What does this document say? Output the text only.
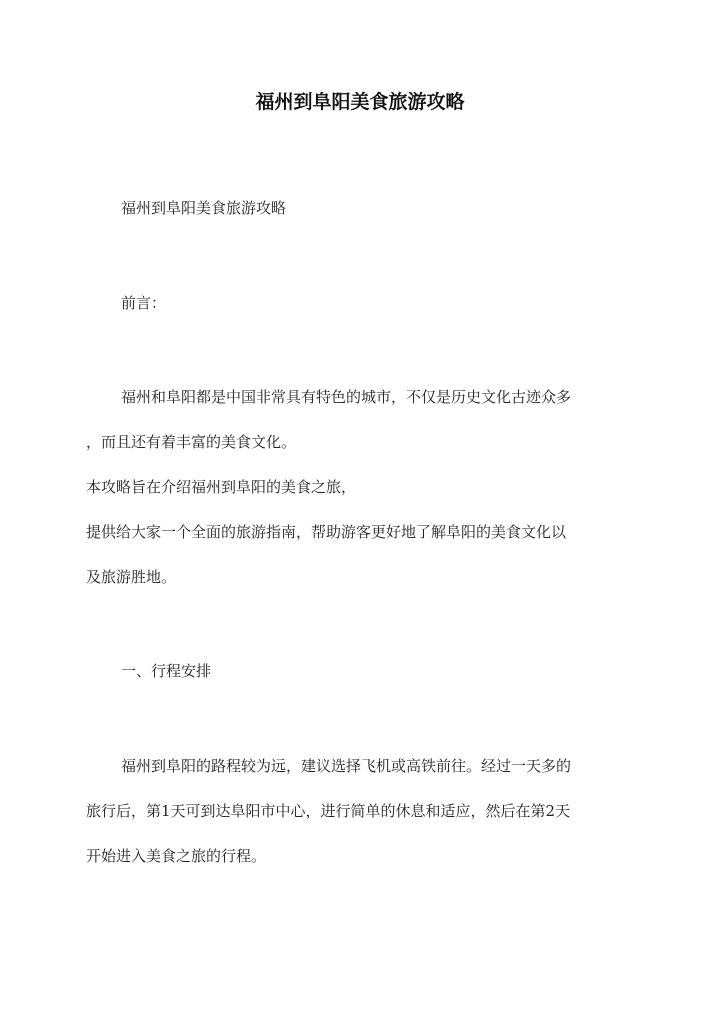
福州到阜阳美食旅游攻略
福州到阜阳美食旅游攻略
前言：
福州和阜阳都是中国非常具有特色的城市，不仅是历史文化古迹众多
，而且还有着丰富的美食文化。
本攻略旨在介绍福州到阜阳的美食之旅，
提供给大家一个全面的旅游指南，帮助游客更好地了解阜阳的美食文化以
及旅游胜地。
一、行程安排
福州到阜阳的路程较为远，建议选择飞机或高铁前往。经过一天多的
旅行后，第1天可到达阜阳市中心，进行简单的休息和适应，然后在第2天
开始进入美食之旅的行程。
